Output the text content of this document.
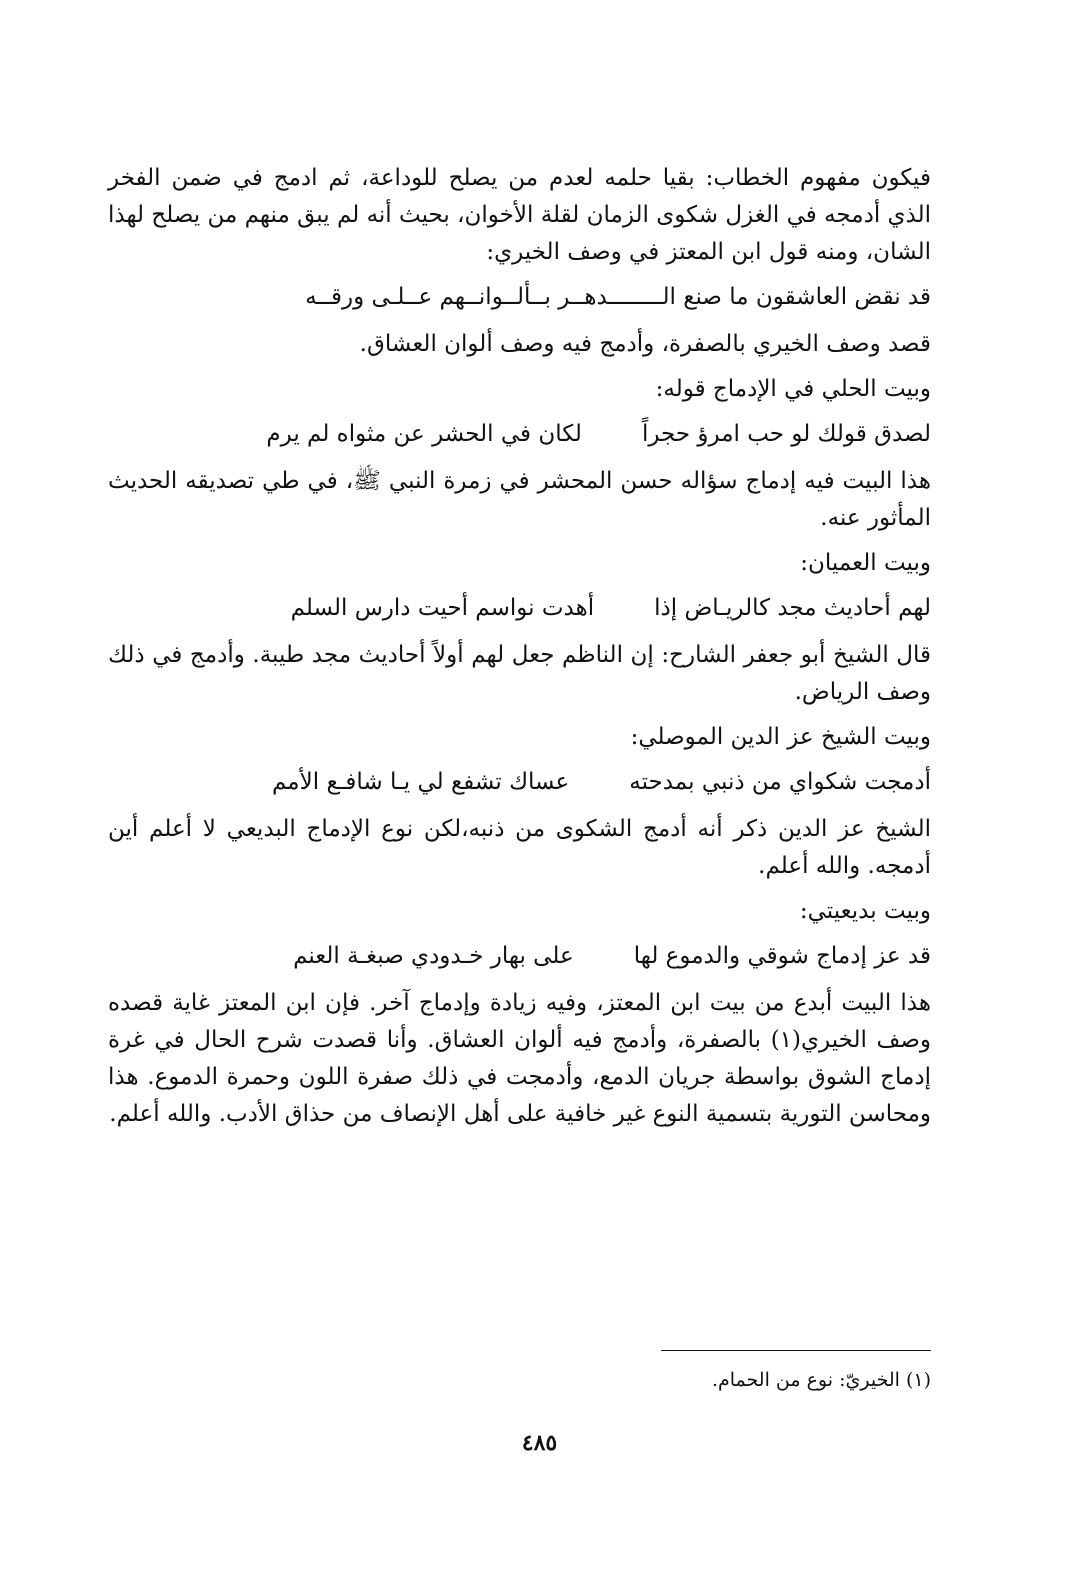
فيكون مفهوم الخطاب: بقيا حلمه لعدم من يصلح للوداعة، ثم ادمج في ضمن الفخر الذي أدمجه في الغزل شكوى الزمان لقلة الأخوان، بحيث أنه لم يبق منهم من يصلح لهذا الشان، ومنه قول ابن المعتز في وصف الخيري:

قد نقض العاشقون ما صنع الــــــــدهــر بــألــوانــهم عــلـى ورقــه

قصد وصف الخيري بالصفرة، وأدمج فيه وصف ألوان العشاق.

وبيت الحلي في الإدماج قوله:

لصدق قولك لو حب امرؤ حجراً
لكان في الحشر عن مثواه لم يرم

هذا البيت فيه إدماج سؤاله حسن المحشر في زمرة النبي ﷺ، في طي تصديقه الحديث المأثور عنه.

وبيت العميان:

لهم أحاديث مجد كالريـاض إذا
أهدت نواسم أحيت دارس السلم

قال الشيخ أبو جعفر الشارح: إن الناظم جعل لهم أولاً أحاديث مجد طيبة. وأدمج في ذلك وصف الرياض.

وبيت الشيخ عز الدين الموصلي:

أدمجت شكواي من ذنبي بمدحته
عساك تشفع لي يـا شافـع الأمم

الشيخ عز الدين ذكر أنه أدمج الشكوى من ذنبه،لكن نوع الإدماج البديعي لا أعلم أين أدمجه. والله أعلم.

وبيت بديعيتي:

قد عز إدماج شوقي والدموع لها
على بهار خـدودي صبغـة العنم

هذا البيت أبدع من بيت ابن المعتز، وفيه زيادة وإدماج آخر. فإن ابن المعتز غاية قصده وصف الخيري(١) بالصفرة، وأدمج فيه ألوان العشاق. وأنا قصدت شرح الحال في غرة إدماج الشوق بواسطة جريان الدمع، وأدمجت في ذلك صفرة اللون وحمرة الدموع. هذا ومحاسن التورية بتسمية النوع غير خافية على أهل الإنصاف من حذاق الأدب. والله أعلم.

(١) الخيريّ: نوع من الحمام.
٤٨٥
